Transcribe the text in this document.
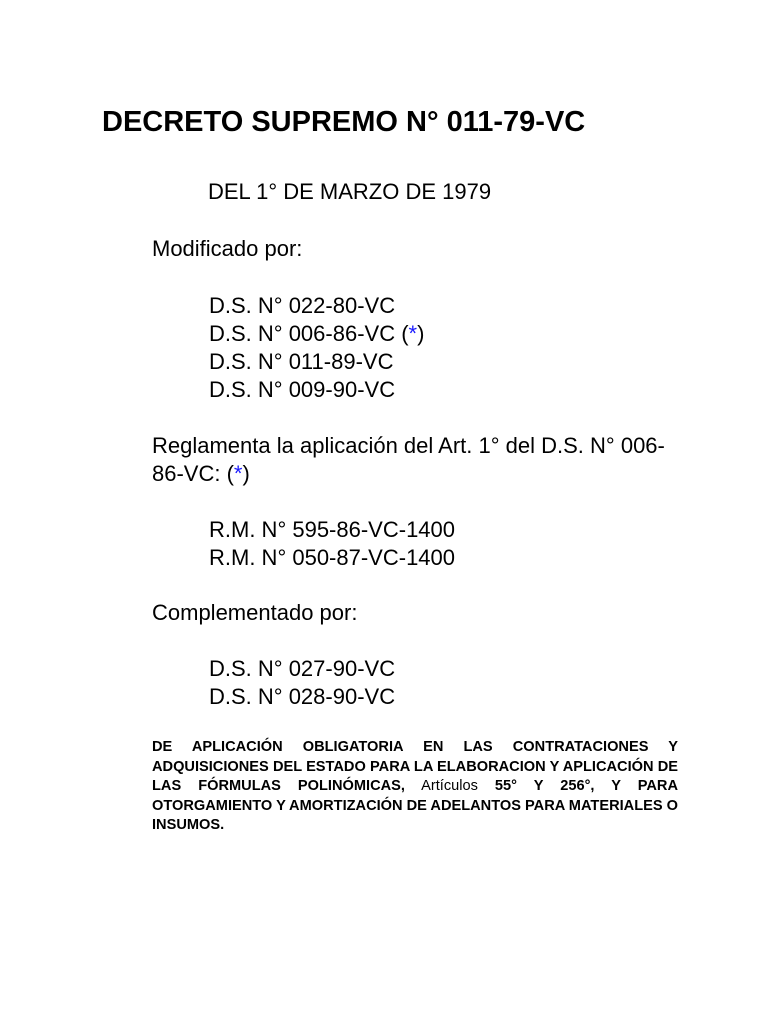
DECRETO SUPREMO N° 011-79-VC
DEL 1° DE MARZO DE 1979
Modificado por:
D.S. N° 022-80-VC
D.S. N° 006-86-VC (*)
D.S. N° 011-89-VC
D.S. N° 009-90-VC
Reglamenta la aplicación del Art. 1° del D.S. N° 006-86-VC: (*)
R.M. N° 595-86-VC-1400
R.M. N° 050-87-VC-1400
Complementado por:
D.S. N° 027-90-VC
D.S. N° 028-90-VC
DE APLICACIÓN OBLIGATORIA EN LAS CONTRATACIONES Y ADQUISICIONES DEL ESTADO PARA LA ELABORACION Y APLICACIÓN DE LAS FÓRMULAS POLINÓMICAS, Artículos 55° Y 256°, Y PARA OTORGAMIENTO Y AMORTIZACIÓN DE ADELANTOS PARA MATERIALES O INSUMOS.
